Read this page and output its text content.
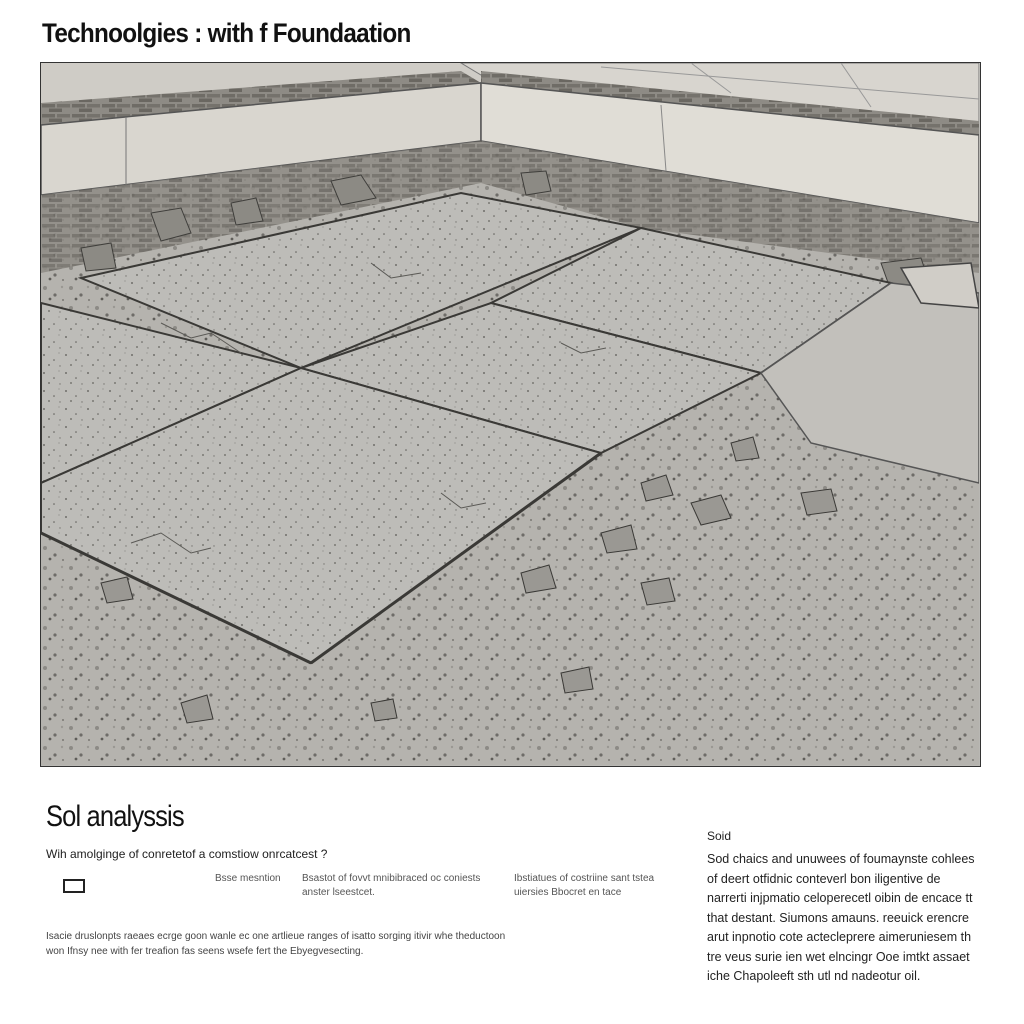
Technoolgies : with f Foundaation
Sol analyssis
Wih amolginge of conretetof a comstiow onrcatcest ?
Bsse mesntion	Bsastot of fovvt mnibibraced oc coniests anster lseestcet.
Ibstiatues of costriine sant tstea uiersies Bbocret en tace
Isacie druslonpts raeaes ecrge goon wanle ec one artlieue ranges of isatto sorging itivir whe theductoon won Ifnsy nee with fer treafion fas seens wsefe fert the Ebyegvesecting.
Soid
Sod chaics and unuwees of foumaynste cohlees of deert otfidnic conteverl bon iligentive de narrerti injpmatio celoperecetl oibin de encace tt that destant. Siumons amauns. reeuick erencre arut inpnotio cote actecleprere aimeruniesem th tre veus surie ien wet elncingr Ooe imtkt assaet iche Chapoleeft sth utl nd nadeotur oil.
